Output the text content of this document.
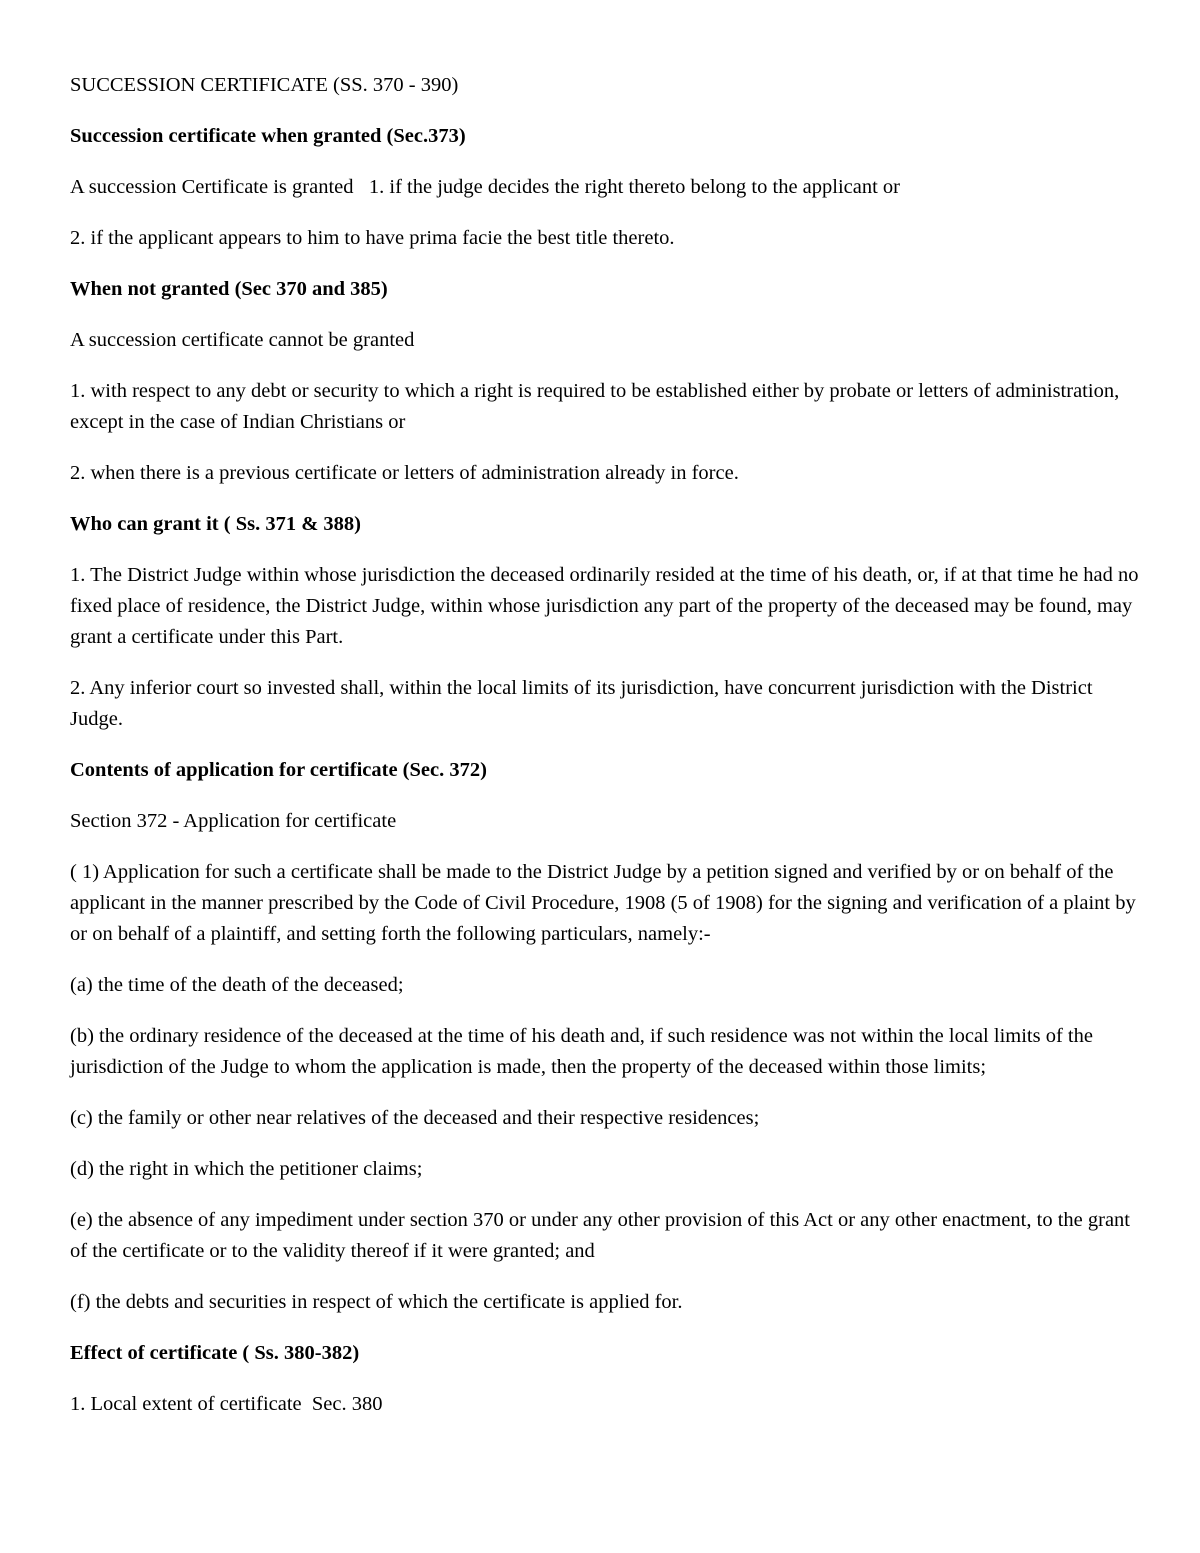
SUCCESSION CERTIFICATE (SS. 370 - 390)

Succession certificate when granted (Sec.373)

A succession Certificate is granted   1. if the judge decides the right thereto belong to the applicant or

2. if the applicant appears to him to have prima facie the best title thereto.

When not granted (Sec 370 and 385)

A succession certificate cannot be granted

1. with respect to any debt or security to which a right is required to be established either by probate or letters of administration, except in the case of Indian Christians or

2. when there is a previous certificate or letters of administration already in force.

Who can grant it ( Ss. 371 & 388)

1. The District Judge within whose jurisdiction the deceased ordinarily resided at the time of his death, or, if at that time he had no fixed place of residence, the District Judge, within whose jurisdiction any part of the property of the deceased may be found, may grant a certificate under this Part.

2. Any inferior court so invested shall, within the local limits of its jurisdiction, have concurrent jurisdiction with the District Judge.

Contents of application for certificate (Sec. 372)

Section 372 - Application for certificate

( 1) Application for such a certificate shall be made to the District Judge by a petition signed and verified by or on behalf of the applicant in the manner prescribed by the Code of Civil Procedure, 1908 (5 of 1908) for the signing and verification of a plaint by or on behalf of a plaintiff, and setting forth the following particulars, namely:-

(a) the time of the death of the deceased;

(b) the ordinary residence of the deceased at the time of his death and, if such residence was not within the local limits of the jurisdiction of the Judge to whom the application is made, then the property of the deceased within those limits;

(c) the family or other near relatives of the deceased and their respective residences;

(d) the right in which the petitioner claims;

(e) the absence of any impediment under section 370 or under any other provision of this Act or any other enactment, to the grant of the certificate or to the validity thereof if it were granted; and

(f) the debts and securities in respect of which the certificate is applied for.

Effect of certificate ( Ss. 380-382)

1. Local extent of certificate  Sec. 380
